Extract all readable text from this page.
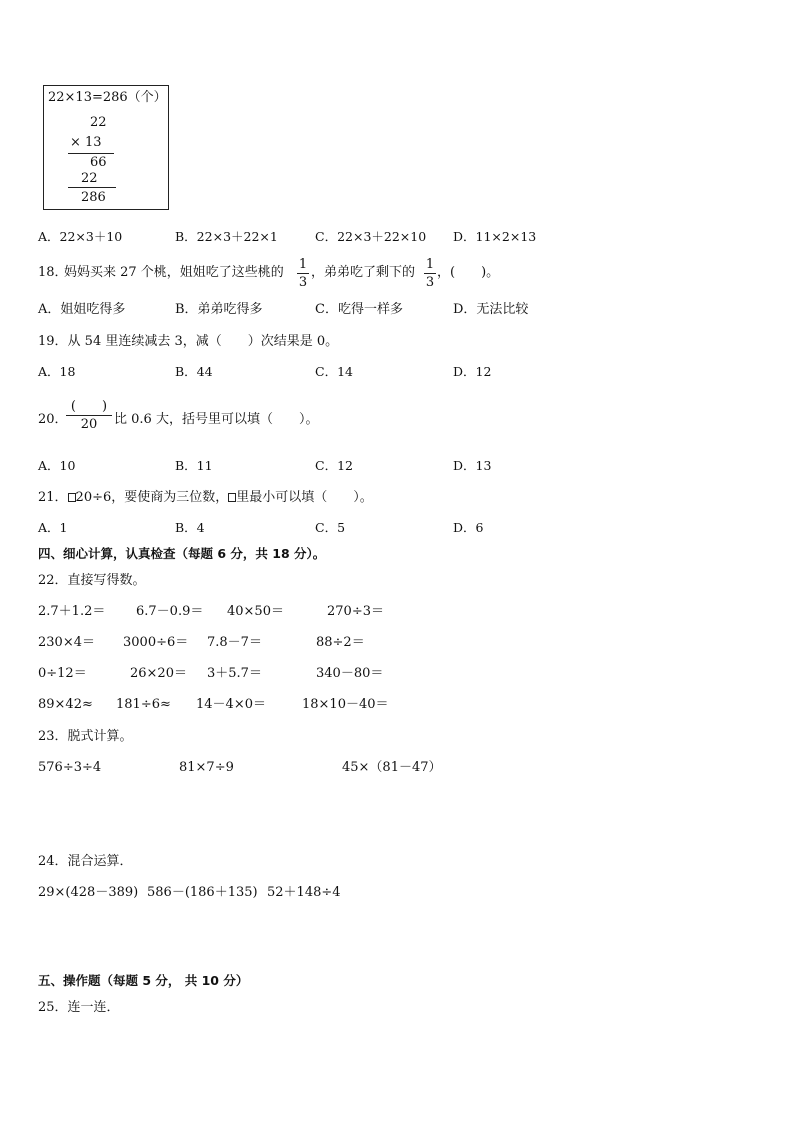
22×13=286（个）
22
× 13
66
22
286
A．22×3＋10	B．22×3＋22×1	C．22×3＋22×10 D．11×2×13
18．
妈妈买来 27 个桃，姐姐吃了这些桃的
1
3
，弟弟吃了剩下的
1
3
，(　　)。
A．姐姐吃得多	B．弟弟吃得多	C．吃得一样多	D．无法比较
19．从 54 里连续减去 3，减（　　）次结果是 0。
A．18	B．44	C．14	D．12
20．
(　　)
20	比 0.6 大，括号里可以填（　　）。
A．10	B．11	C．12	D．13
21． 20÷6，要使商为三位数， 里最小可以填（　　）。
A．1	B．4	C．5	D．6
四、细心计算，认真检查（每题 6 分，共 18 分）。
22．直接写得数。
2.7＋1.2＝ 6.7－0.9＝ 40×50＝	270÷3＝
230×4＝ 3000÷6＝ 7.8－7＝	88÷2＝
0÷12＝	26×20＝ 3＋5.7＝	340－80＝
89×42≈ 181÷6≈ 14－4×0＝	18×10－40＝
23．脱式计算。
576÷3÷4	81×7÷9	45×（81－47）
24．混合运算．
29×(428－389) 586－(186＋135) 52＋148÷4
五、操作题（每题 5 分， 共 10 分）
25．连一连．
